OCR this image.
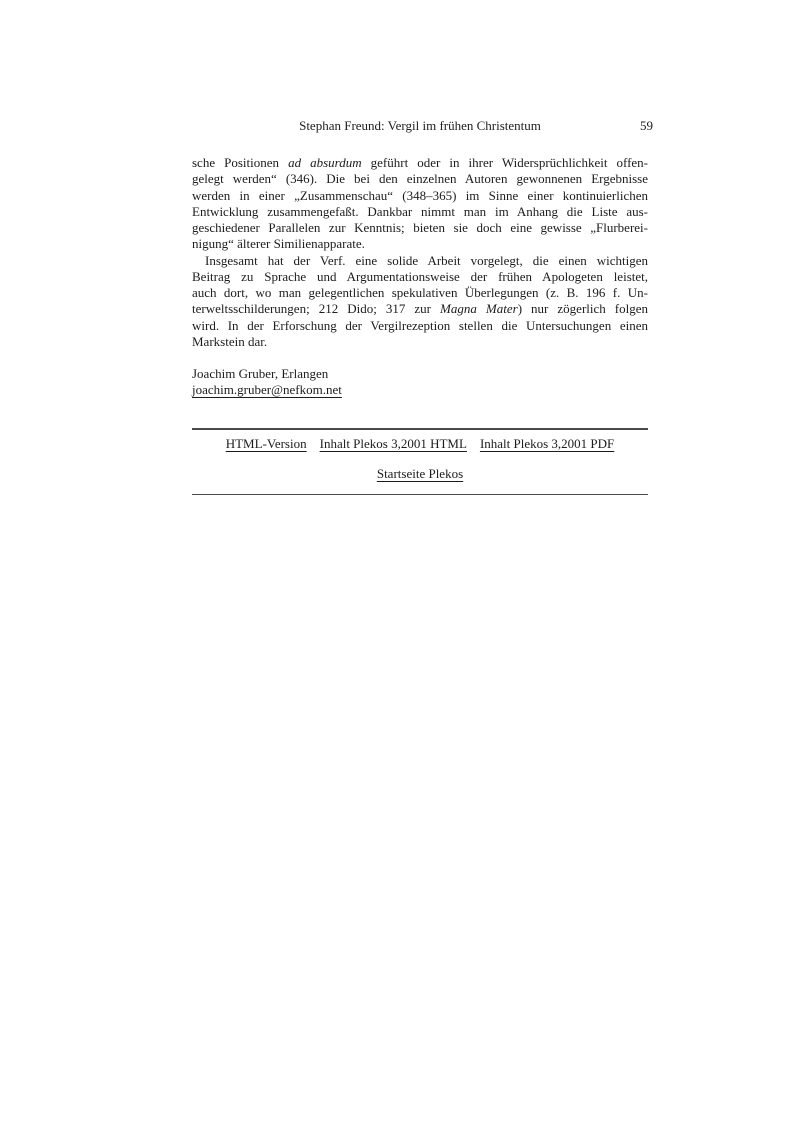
Stephan Freund: Vergil im frühen Christentum	59
sche Positionen ad absurdum geführt oder in ihrer Widersprüchlichkeit offen-
gelegt werden“ (346). Die bei den einzelnen Autoren gewonnenen Ergebnisse
werden in einer „Zusammenschau“ (348–365) im Sinne einer kontinuierlichen
Entwicklung zusammengefaßt. Dankbar nimmt man im Anhang die Liste aus-
geschiedener Parallelen zur Kenntnis; bieten sie doch eine gewisse „Flurberei-
nigung“ älterer Similienapparate.
Insgesamt hat der Verf. eine solide Arbeit vorgelegt, die einen wichtigen
Beitrag zu Sprache und Argumentationsweise der frühen Apologeten leistet,
auch dort, wo man gelegentlichen spekulativen Überlegungen (z. B. 196 f. Un-
terweltsschilderungen; 212 Dido; 317 zur Magna Mater) nur zögerlich folgen
wird. In der Erforschung der Vergilrezeption stellen die Untersuchungen einen
Markstein dar.
Joachim Gruber, Erlangen
joachim.gruber@nefkom.net
HTML-Version Inhalt Plekos 3,2001 HTML Inhalt Plekos 3,2001 PDF
Startseite Plekos
